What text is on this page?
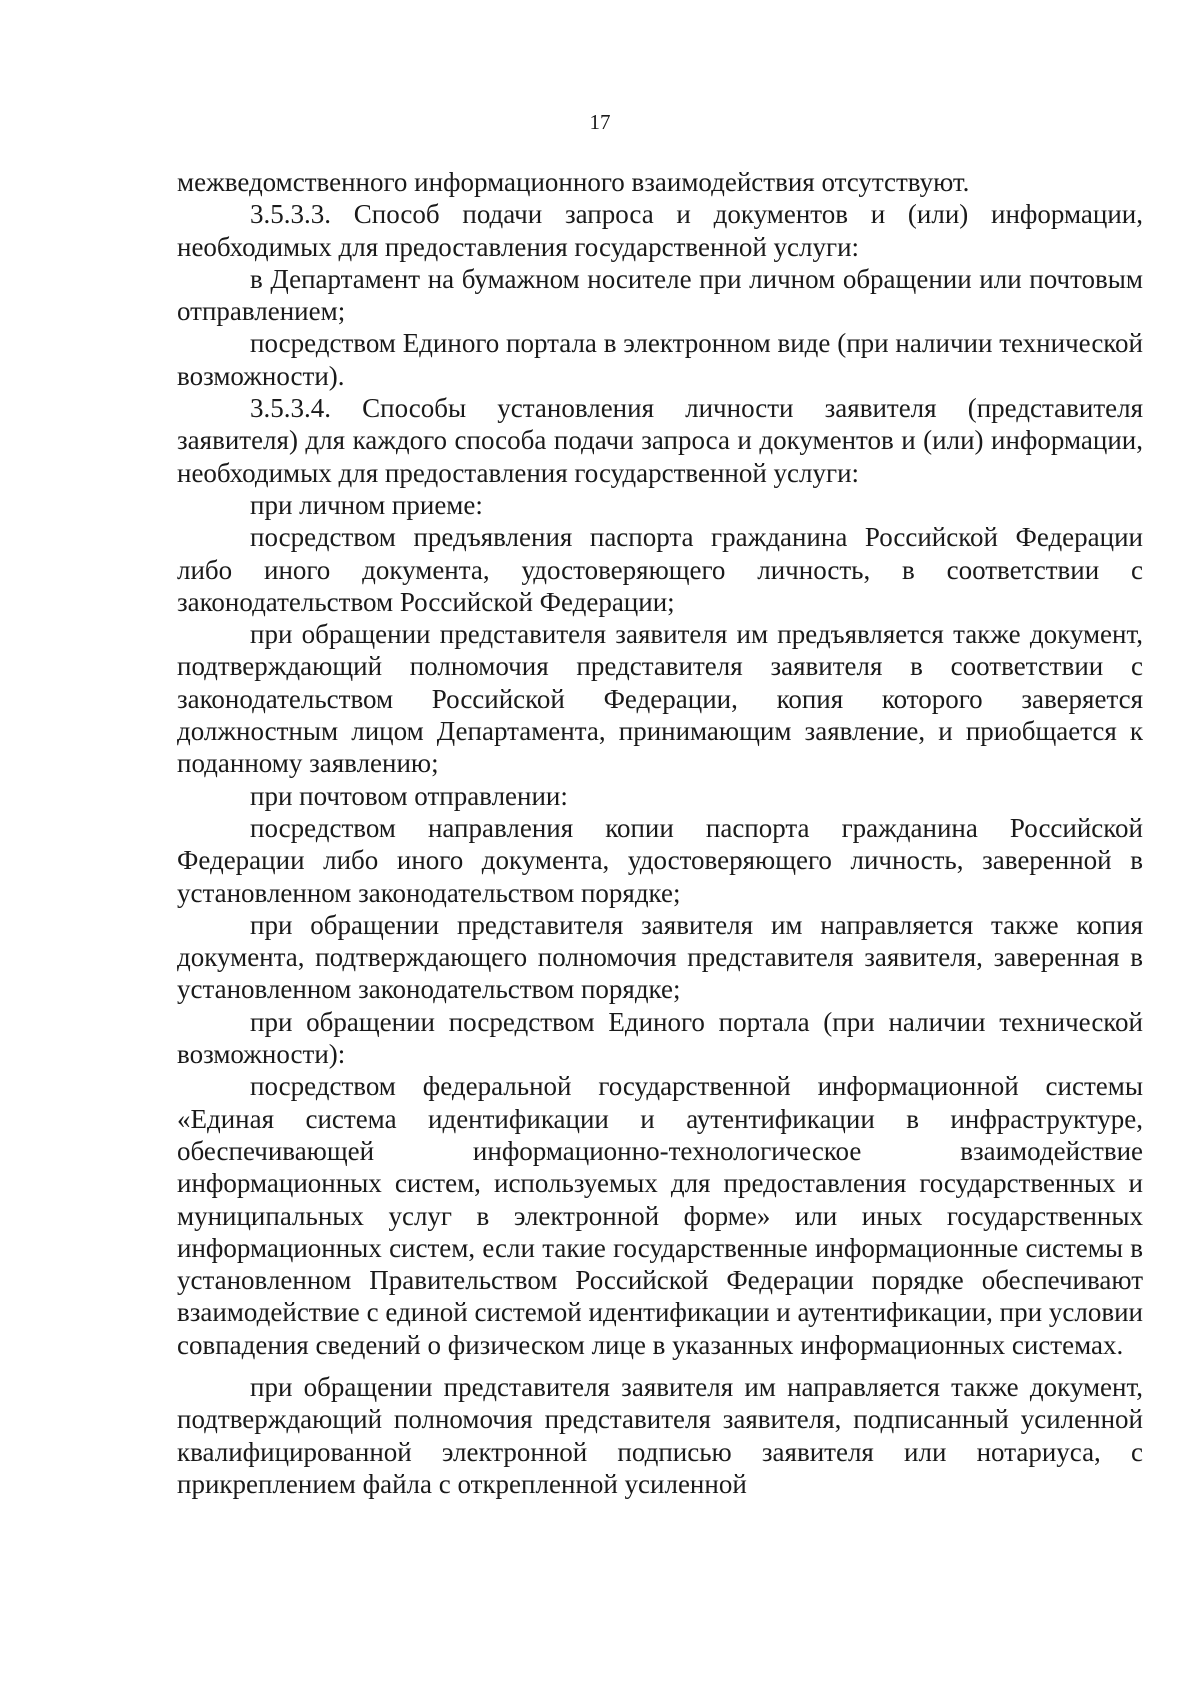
17

межведомственного информационного взаимодействия отсутствуют.

3.5.3.3. Способ подачи запроса и документов и (или) информации, необходимых для предоставления государственной услуги:

в Департамент на бумажном носителе при личном обращении или почтовым отправлением;

посредством Единого портала в электронном виде (при наличии технической возможности).

3.5.3.4. Способы установления личности заявителя (представителя заявителя) для каждого способа подачи запроса и документов и (или) информации, необходимых для предоставления государственной услуги:

при личном приеме:

посредством предъявления паспорта гражданина Российской Федерации либо иного документа, удостоверяющего личность, в соответствии с законодательством Российской Федерации;

при обращении представителя заявителя им предъявляется также документ, подтверждающий полномочия представителя заявителя в соответствии с законодательством Российской Федерации, копия которого заверяется должностным лицом Департамента, принимающим заявление, и приобщается к поданному заявлению;

при почтовом отправлении:

посредством направления копии паспорта гражданина Российской Федерации либо иного документа, удостоверяющего личность, заверенной в установленном законодательством порядке;

при обращении представителя заявителя им направляется также копия документа, подтверждающего полномочия представителя заявителя, заверенная в установленном законодательством порядке;

при обращении посредством Единого портала (при наличии технической возможности):

посредством федеральной государственной информационной системы «Единая система идентификации и аутентификации в инфраструктуре, обеспечивающей информационно-технологическое взаимодействие информационных систем, используемых для предоставления государственных и муниципальных услуг в электронной форме» или иных государственных информационных систем, если такие государственные информационные системы в установленном Правительством Российской Федерации порядке обеспечивают взаимодействие с единой системой идентификации и аутентификации, при условии совпадения сведений о физическом лице в указанных информационных системах.

при обращении представителя заявителя им направляется также документ, подтверждающий полномочия представителя заявителя, подписанный усиленной квалифицированной электронной подписью заявителя или нотариуса, с прикреплением файла с открепленной усиленной
